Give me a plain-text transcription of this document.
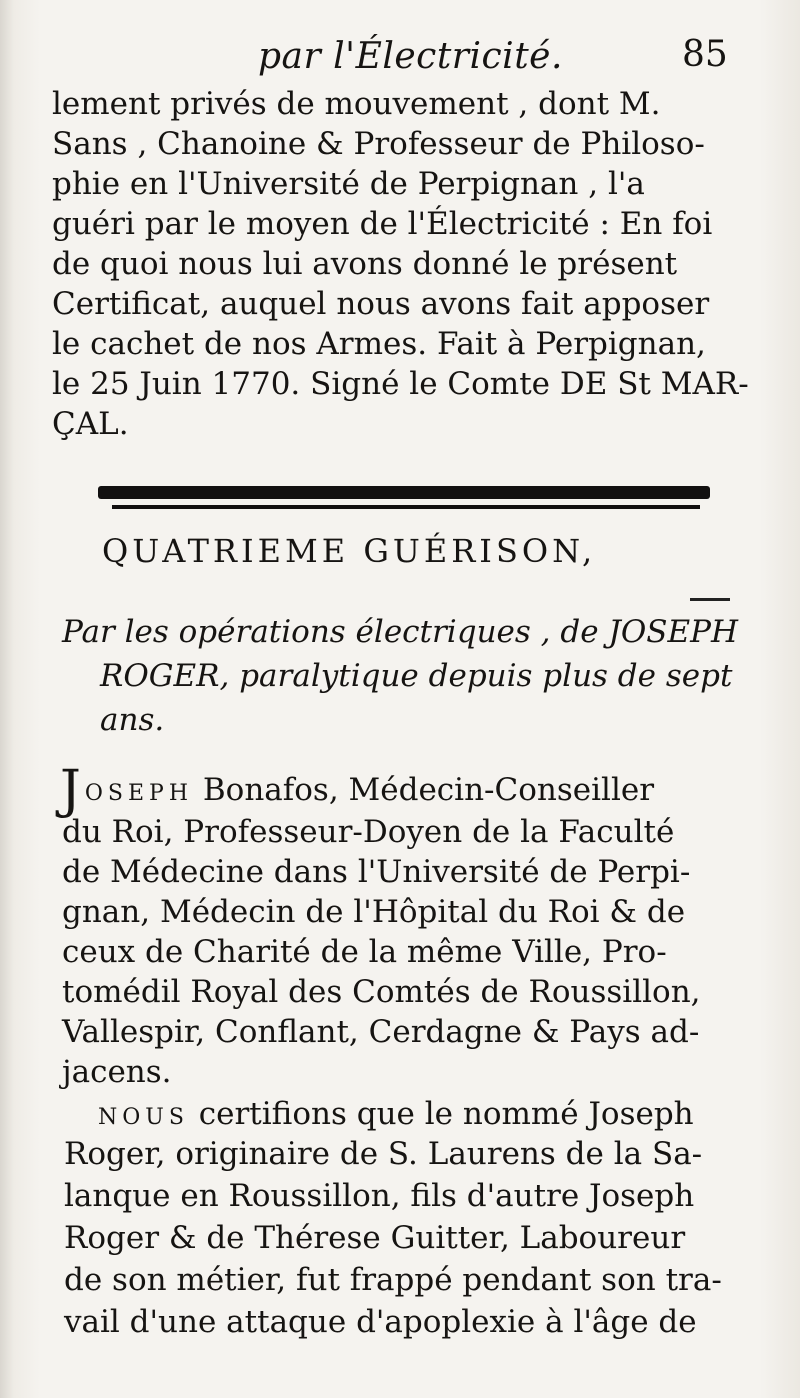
par l'Électricité.	85
lement privés de mouvement , dont M.
Sans , Chanoine & Professeur de Philoso-
phie en l'Université de Perpignan , l'a
guéri par le moyen de l'Électricité : En foi
de quoi nous lui avons donné le présent
Certificat, auquel nous avons fait apposer
le cachet de nos Armes. Fait à Perpignan,
le 25 Juin 1770. Signé le Comte DE St MAR-
ÇAL.
QUATRIEME GUÉRISON,
Par les opérations électriques , de JOSEPH
ROGER, paralytique depuis plus de sept
ans.
JOSEPH Bonafos, Médecin-Conseiller
du Roi, Professeur-Doyen de la Faculté
de Médecine dans l'Université de Perpi-
gnan, Médecin de l'Hôpital du Roi & de
ceux de Charité de la même Ville, Pro-
tomédil Royal des Comtés de Roussillon,
Vallespir, Conflant, Cerdagne & Pays ad-
jacens.
NOUS certifions que le nommé Joseph
Roger, originaire de S. Laurens de la Sa-
lanque en Roussillon, fils d'autre Joseph
Roger & de Thérese Guitter, Laboureur
de son métier, fut frappé pendant son tra-
vail d'une attaque d'apoplexie à l'âge de
